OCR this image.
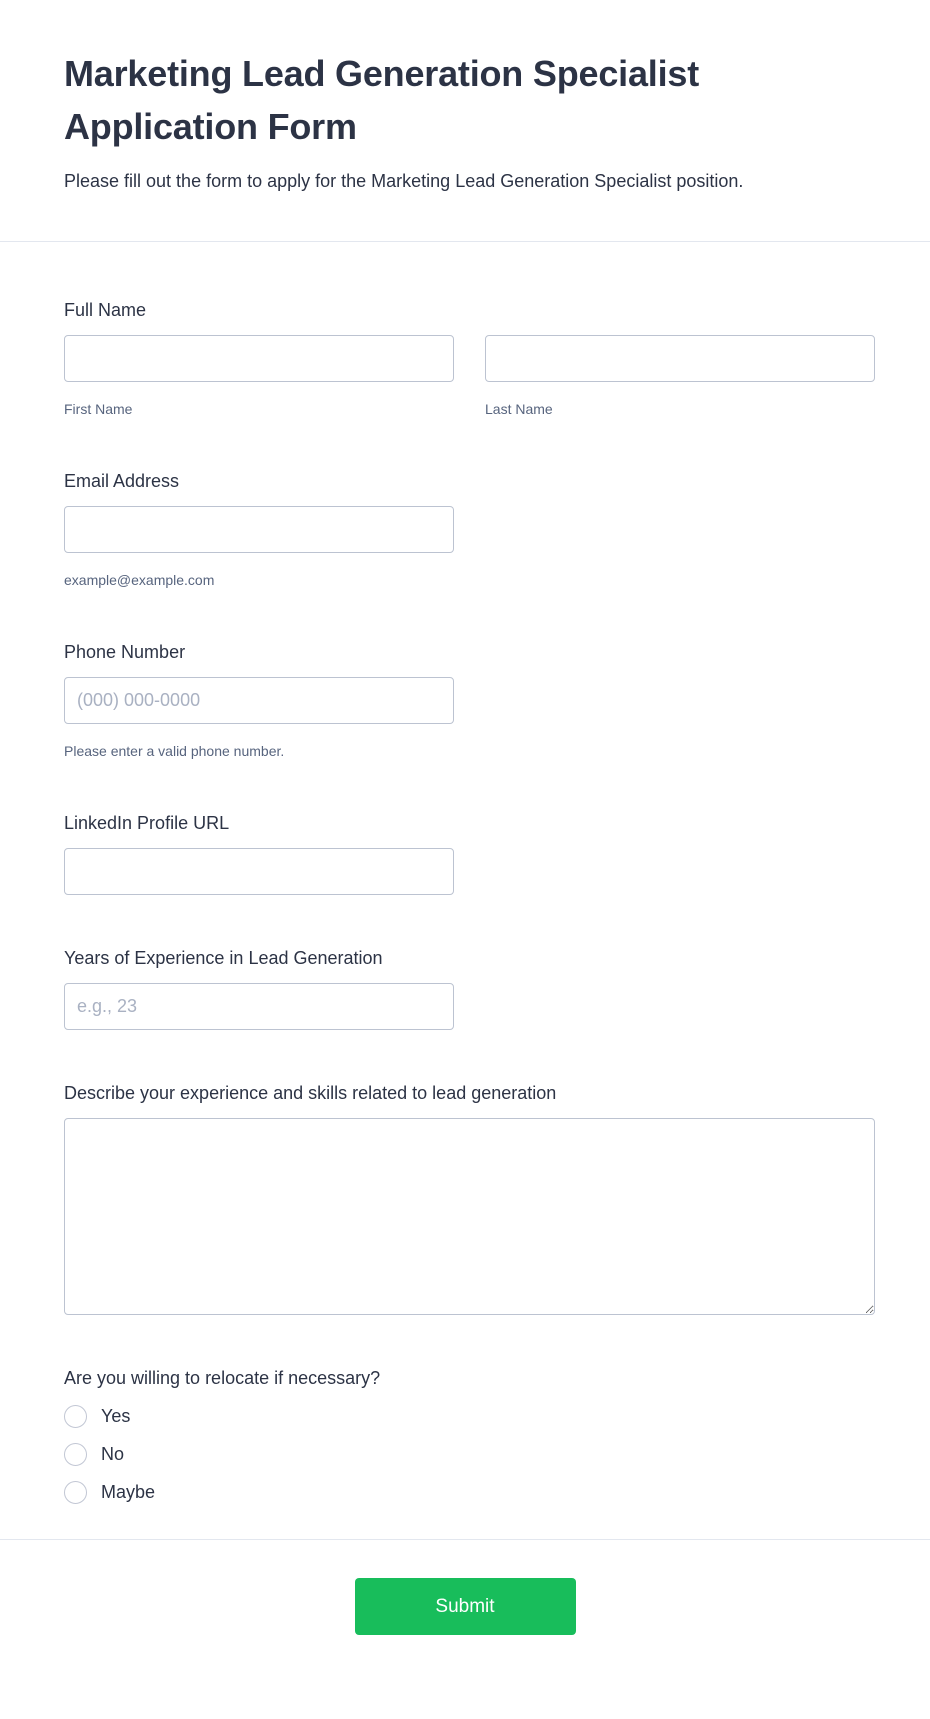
Marketing Lead Generation Specialist Application Form
Please fill out the form to apply for the Marketing Lead Generation Specialist position.
Full Name
First Name	Last Name
Email Address
example@example.com
Phone Number
(000) 000-0000
Please enter a valid phone number.
LinkedIn Profile URL
Years of Experience in Lead Generation
e.g., 23
Describe your experience and skills related to lead generation
Are you willing to relocate if necessary?
Yes
No
Maybe
Submit
